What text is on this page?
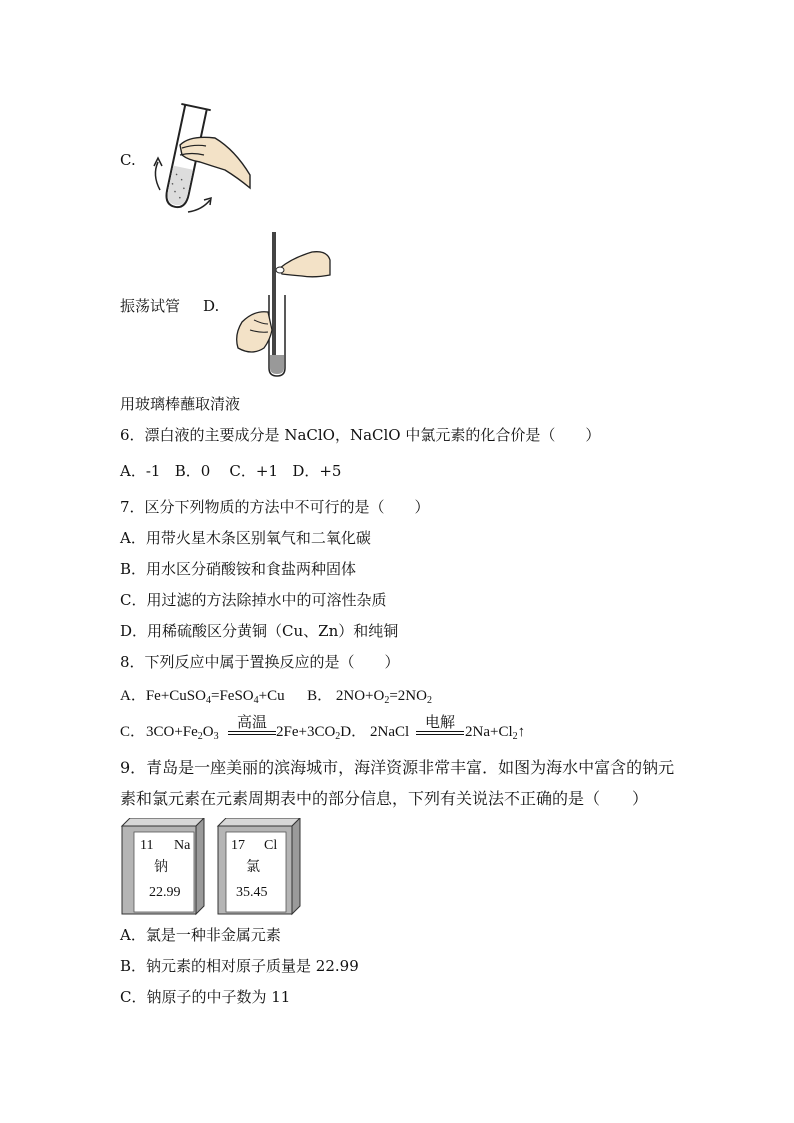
C.
振荡试管 D.
用玻璃棒蘸取清液
6．漂白液的主要成分是 NaClO，NaClO 中氯元素的化合价是（　　）
A．-1 B．0 C．+1 D．+5
7．区分下列物质的方法中不可行的是（　　）
A．用带火星木条区别氧气和二氧化碳
B．用水区分硝酸铵和食盐两种固体
C．用过滤的方法除掉水中的可溶性杂质
D．用稀硫酸区分黄铜（Cu、Zn）和纯铜
8．下列反应中属于置换反应的是（　　）
A．Fe+CuSO$_4$=FeSO$_4$+Cu B． $2NO+O_2=2NO_2$
C． $3CO+Fe_2O_3$
高温
$2Fe+3CO_2D$． 2NaCl
电解
$2Na+Cl_2↑$
9．青岛是一座美丽的滨海城市，海洋资源非常丰富．如图为海水中富含的钠元
素和氯元素在元素周期表中的部分信息，下列有关说法不正确的是（　　）
11 Na
钠
22.99
17 Cl
氯
35.45
A．氯是一种非金属元素
B．钠元素的相对原子质量是 22.99
C．钠原子的中子数为 11
